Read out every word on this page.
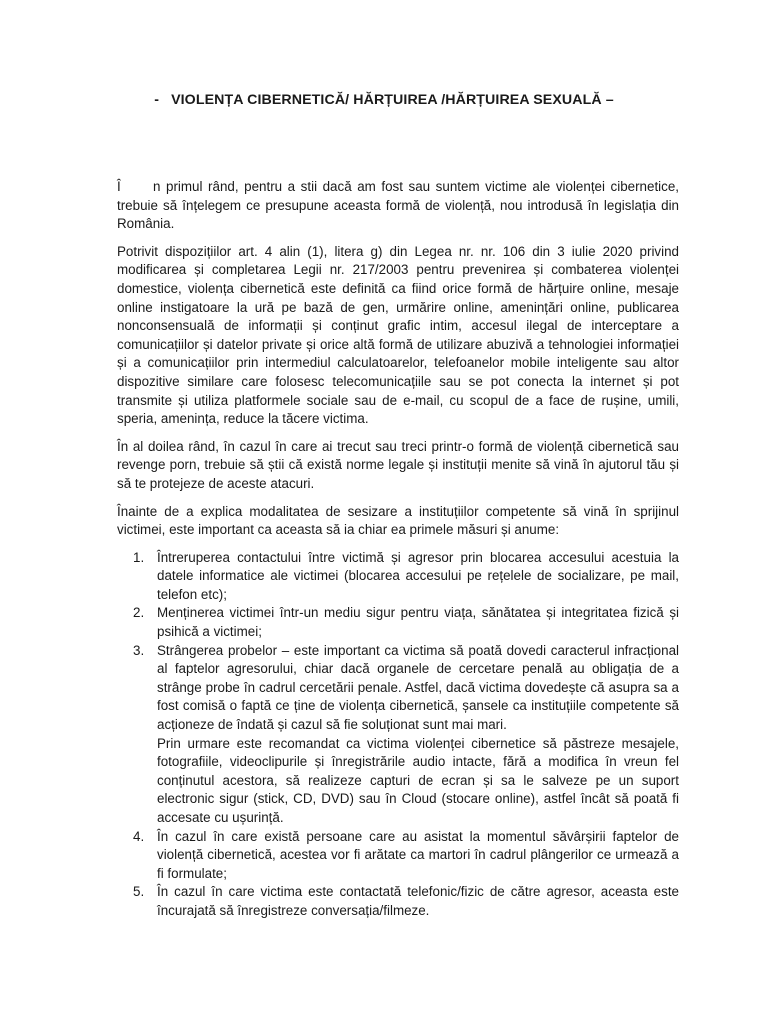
- VIOLENȚA CIBERNETICĂ/ HĂRȚUIREA /HĂRȚUIREA SEXUALĂ –

Î n primul rând, pentru a stii dacă am fost sau suntem victime ale violenței cibernetice, trebuie să înțelegem ce presupune aceasta formă de violență, nou introdusă în legislația din România.

Potrivit dispozițiilor art. 4 alin (1), litera g) din Legea nr. nr. 106 din 3 iulie 2020 privind modificarea și completarea Legii nr. 217/2003 pentru prevenirea și combaterea violenței domestice, violența cibernetică este definită ca fiind orice formă de hărțuire online, mesaje online instigatoare la ură pe bază de gen, urmărire online, amenințări online, publicarea nonconsensuală de informații și conținut grafic intim, accesul ilegal de interceptare a comunicațiilor și datelor private și orice altă formă de utilizare abuzivă a tehnologiei informației și a comunicațiilor prin intermediul calculatoarelor, telefoanelor mobile inteligente sau altor dispozitive similare care folosesc telecomunicațiile sau se pot conecta la internet și pot transmite și utiliza platformele sociale sau de e-mail, cu scopul de a face de rușine, umili, speria, amenința, reduce la tăcere victima.

În al doilea rând, în cazul în care ai trecut sau treci printr-o formă de violență cibernetică sau revenge porn, trebuie să știi că există norme legale și instituții menite să vină în ajutorul tău și să te protejeze de aceste atacuri.

Înainte de a explica modalitatea de sesizare a instituțiilor competente să vină în sprijinul victimei, este important ca aceasta să ia chiar ea primele măsuri și anume:

1. Întreruperea contactului între victimă și agresor prin blocarea accesului acestuia la datele informatice ale victimei (blocarea accesului pe rețelele de socializare, pe mail, telefon etc);
2. Menținerea victimei într-un mediu sigur pentru viața, sănătatea și integritatea fizică și psihică a victimei;
3. Strângerea probelor – este important ca victima să poată dovedi caracterul infracțional al faptelor agresorului, chiar dacă organele de cercetare penală au obligația de a strânge probe în cadrul cercetării penale. Astfel, dacă victima dovedește că asupra sa a fost comisă o faptă ce ține de violența cibernetică, șansele ca instituțiile competente să acționeze de îndată și cazul să fie soluționat sunt mai mari.
Prin urmare este recomandat ca victima violenței cibernetice să păstreze mesajele, fotografiile, videoclipurile și înregistrările audio intacte, fără a modifica în vreun fel conținutul acestora, să realizeze capturi de ecran și sa le salveze pe un suport electronic sigur (stick, CD, DVD) sau în Cloud (stocare online), astfel încât să poată fi accesate cu ușurință.
4. În cazul în care există persoane care au asistat la momentul săvârșirii faptelor de violență cibernetică, acestea vor fi arătate ca martori în cadrul plângerilor ce urmează a fi formulate;
5. În cazul în care victima este contactată telefonic/fizic de către agresor, aceasta este încurajată să înregistreze conversația/filmeze.
